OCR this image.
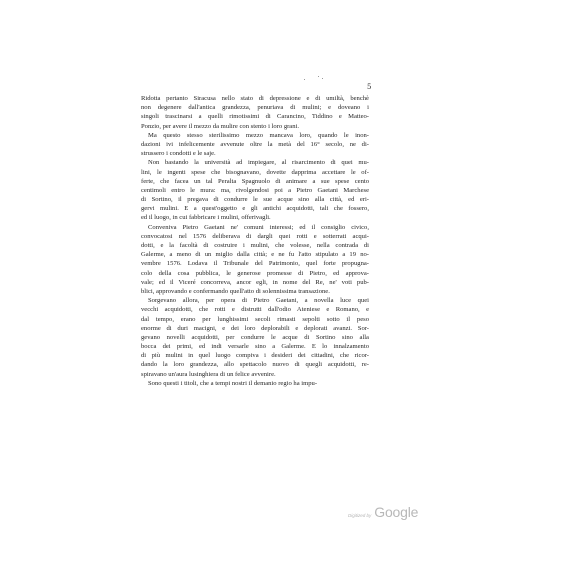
5
Ridotta pertanto Siracusa nello stato di depressione e di umiltà, benchè
non degenere dall'antica grandezza, penuriava di mulini; e doveano i
singoli trascinarsi a quelli rimotissimi di Carancino, Tiddino e Matteo-
Ponzio, per avere il mezzo da mulire con stento i loro grani.
Ma questo stesso sterilissimo mezzo mancava loro, quando le inon-
dazioni ivi infelicemente avvenute oltre la metà del 16° secolo, ne di-
strussero i condotti e le saje.
Non bastando la università ad impiegare, al risarcimento di quei mu-
lini, le ingenti spese che bisognavano, dovette dapprima accettare le of-
ferte, che facea un tal Peralta Spagnuolo di animare a sue spese cento
centimoli entro le mura: ma, rivolgendosi poi a Pietro Gaetani Marchese
di Sortino, il pregava di condurre le sue acque sino alla città, ed eri-
gervi mulini. E a quest'oggetto e gli antichi acquidotti, tali che fossero,
ed il luogo, in cui fabbricare i mulini, offerivagli.
Conveniva Pietro Gaetani ne' comuni interessi; ed il consiglio civico,
convocatosi nel 1576 deliberava di dargli quei rotti e sotterrati acqui-
dotti, e la facoltà di costruire i mulini, che volesse, nella contrada di
Galerme, a meno di un miglio dalla città; e ne fu l'atto stipulato a 19 no-
vembre 1576. Lodava il Tribunale del Patrimonio, quel forte propugna-
colo della cosa pubblica, le generose promesse di Pietro, ed approva-
vale; ed il Viceré concorreva, ancor egli, in nome del Re, ne' voti pub-
blici, approvando e confermando quell'atto di solennissima transazione.
Sorgevano allora, per opera di Pietro Gaetani, a novella luce quei
vecchi acquidotti, che rotti e distrutti dall'odio Ateniese e Romano, e
dal tempo, erano per lunghissimi secoli rimasti sepolti sotto il peso
enorme di duri macigni, e dei loro deplorabili e deplorati avanzi. Sor-
gevano novelli acquidotti, per condurre le acque di Sortino sino alla
bocca dei primi, ed indi versarle sino a Galerme. E lo innalzamento
di più mulini in quel luogo compiva i desideri dei cittadini, che ricor-
dando la loro grandezza, allo spettacolo nuovo di quegli acquidotti, re-
spiravano un'aura lusinghiera di un felice avvenire.
Sono questi i titoli, che a tempi nostri il demanio regio ha impu-
Digitized by Google
